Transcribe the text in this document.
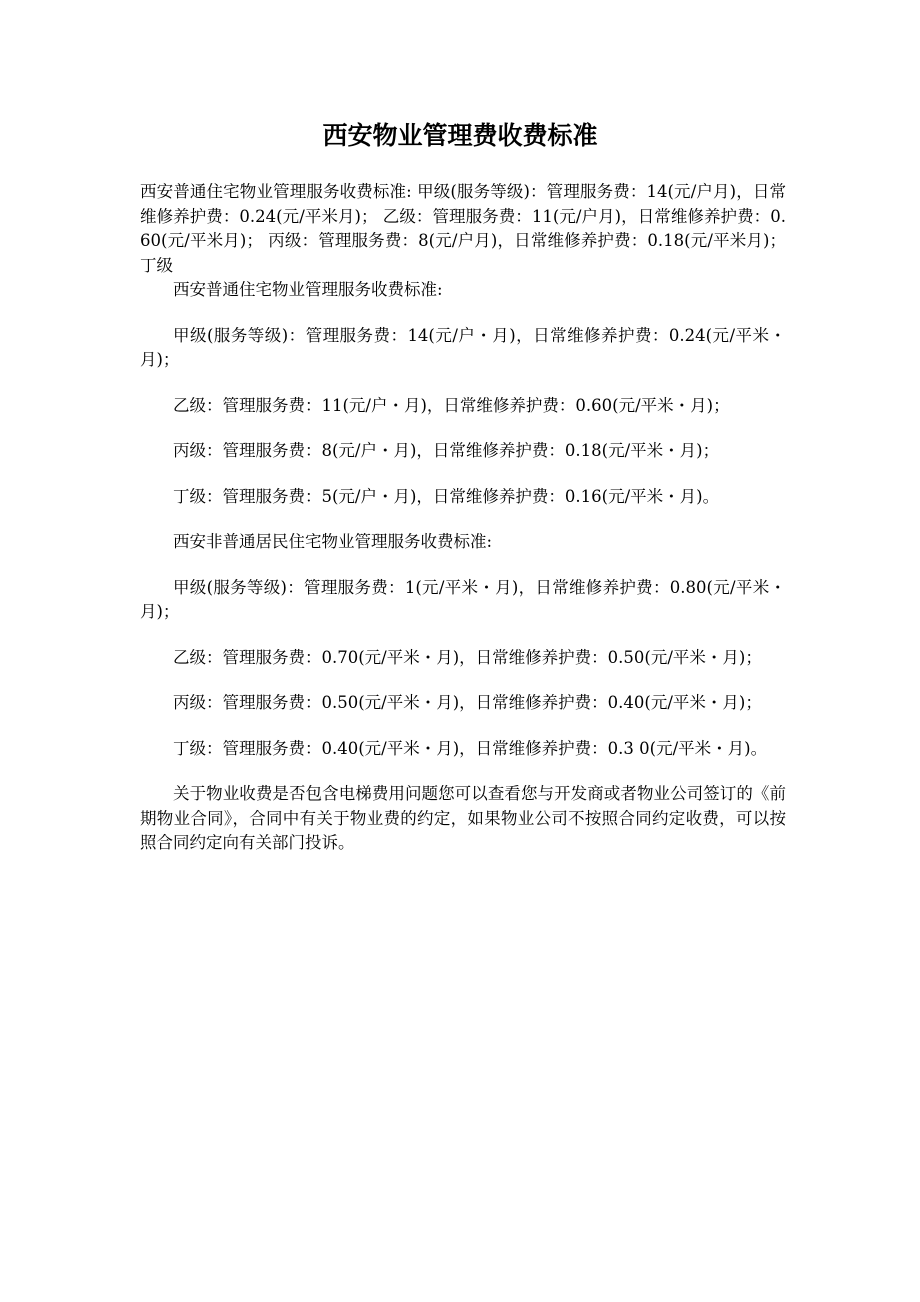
西安物业管理费收费标准

西安普通住宅物业管理服务收费标准: 甲级(服务等级)：管理服务费：14(元/户月)，日常维修养护费：0.24(元/平米月)； 乙级：管理服务费：11(元/户月)，日常维修养护费：0.60(元/平米月)； 丙级：管理服务费：8(元/户月)，日常维修养护费：0.18(元/平米月)； 丁级

西安普通住宅物业管理服务收费标准:

甲级(服务等级)：管理服务费：14(元/户・月)，日常维修养护费：0.24(元/平米・月)；

乙级：管理服务费：11(元/户・月)，日常维修养护费：0.60(元/平米・月)；

丙级：管理服务费：8(元/户・月)，日常维修养护费：0.18(元/平米・月)；

丁级：管理服务费：5(元/户・月)，日常维修养护费：0.16(元/平米・月)。

西安非普通居民住宅物业管理服务收费标准:

甲级(服务等级)：管理服务费：1(元/平米・月)，日常维修养护费：0.80(元/平米・月)；

乙级：管理服务费：0.70(元/平米・月)，日常维修养护费：0.50(元/平米・月)；

丙级：管理服务费：0.50(元/平米・月)，日常维修养护费：0.40(元/平米・月)；

丁级：管理服务费：0.40(元/平米・月)，日常维修养护费：0.3 0(元/平米・月)。

关于物业收费是否包含电梯费用问题您可以查看您与开发商或者物业公司签订的《前期物业合同》，合同中有关于物业费的约定，如果物业公司不按照合同约定收费，可以按照合同约定向有关部门投诉。
